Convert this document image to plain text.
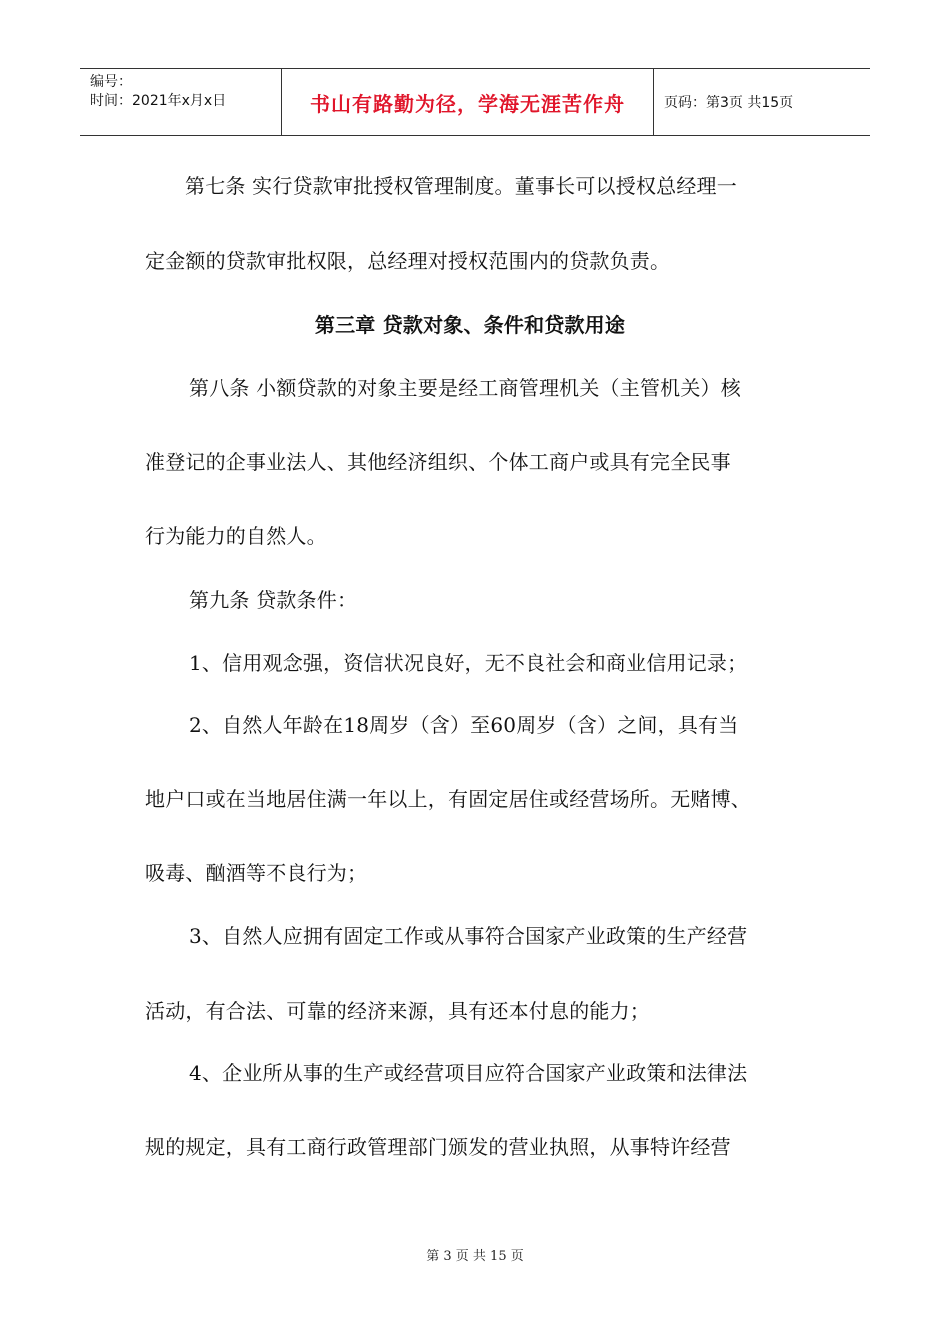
编号：
时间：2021年x月x日	书山有路勤为径，学海无涯苦作舟	页码：第3页 共15页
第七条 实行贷款审批授权管理制度。董事长可以授权总经理一
定金额的贷款审批权限，总经理对授权范围内的贷款负责。
第三章 贷款对象、条件和贷款用途
第八条 小额贷款的对象主要是经工商管理机关（主管机关）核
准登记的企事业法人、其他经济组织、个体工商户或具有完全民事
行为能力的自然人。
第九条 贷款条件：
1、信用观念强，资信状况良好，无不良社会和商业信用记录；
2、自然人年龄在18周岁（含）至60周岁（含）之间，具有当
地户口或在当地居住满一年以上，有固定居住或经营场所。无赌博、
吸毒、酗酒等不良行为；
3、自然人应拥有固定工作或从事符合国家产业政策的生产经营
活动，有合法、可靠的经济来源，具有还本付息的能力；
4、企业所从事的生产或经营项目应符合国家产业政策和法律法
规的规定，具有工商行政管理部门颁发的营业执照，从事特许经营
第 3 页 共 15 页
